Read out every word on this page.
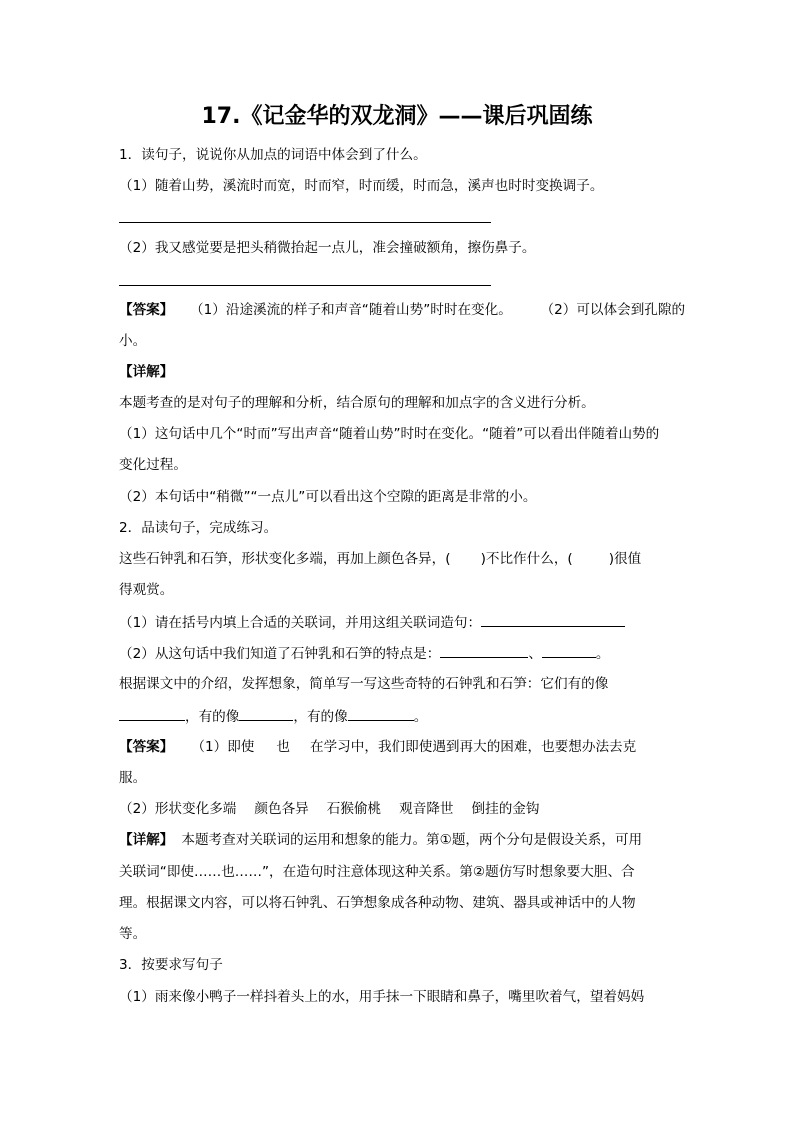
17.《记金华的双龙洞》——课后巩固练
1．读句子，说说你从加点的词语中体会到了什么。
（1）随着山势，溪流时而宽，时而窄，时而缓，时而急，溪声也时时变换调子。
（2）我又感觉要是把头稍微抬起一点儿，准会撞破额角，擦伤鼻子。
【答案】 （1）沿途溪流的样子和声音“随着山势”时时在变化。 （2）可以体会到孔隙的
小。
【详解】
本题考查的是对句子的理解和分析，结合原句的理解和加点字的含义进行分析。
（1）这句话中几个“时而”写出声音“随着山势”时时在变化。“随着”可以看出伴随着山势的
变化过程。
（2）本句话中“稍微”“一点儿”可以看出这个空隙的距离是非常的小。
2．品读句子，完成练习。
这些石钟乳和石笋，形状变化多端，再加上颜色各异，( )不比作什么，(	)很值
得观赏。
（1）请在括号内填上合适的关联词，并用这组关联词造句：
（2）从这句话中我们知道了石钟乳和石笋的特点是：	、	。
根据课文中的介绍，发挥想象，简单写一写这些奇特的石钟乳和石笋：它们有的像
，有的像	，有的像	。
【答案】 （1）即使 也 在学习中，我们即使遇到再大的困难，也要想办法去克
服。
（2）形状变化多端 颜色各异 石猴偷桃 观音降世 倒挂的金钩
【详解】 本题考查对关联词的运用和想象的能力。第①题，两个分句是假设关系，可用
关联词“即使……也……”，在造句时注意体现这种关系。第②题仿写时想象要大胆、合
理。根据课文内容，可以将石钟乳、石笋想象成各种动物、建筑、器具或神话中的人物
等。
3．按要求写句子
（1）雨来像小鸭子一样抖着头上的水，用手抹一下眼睛和鼻子，嘴里吹着气，望着妈妈
